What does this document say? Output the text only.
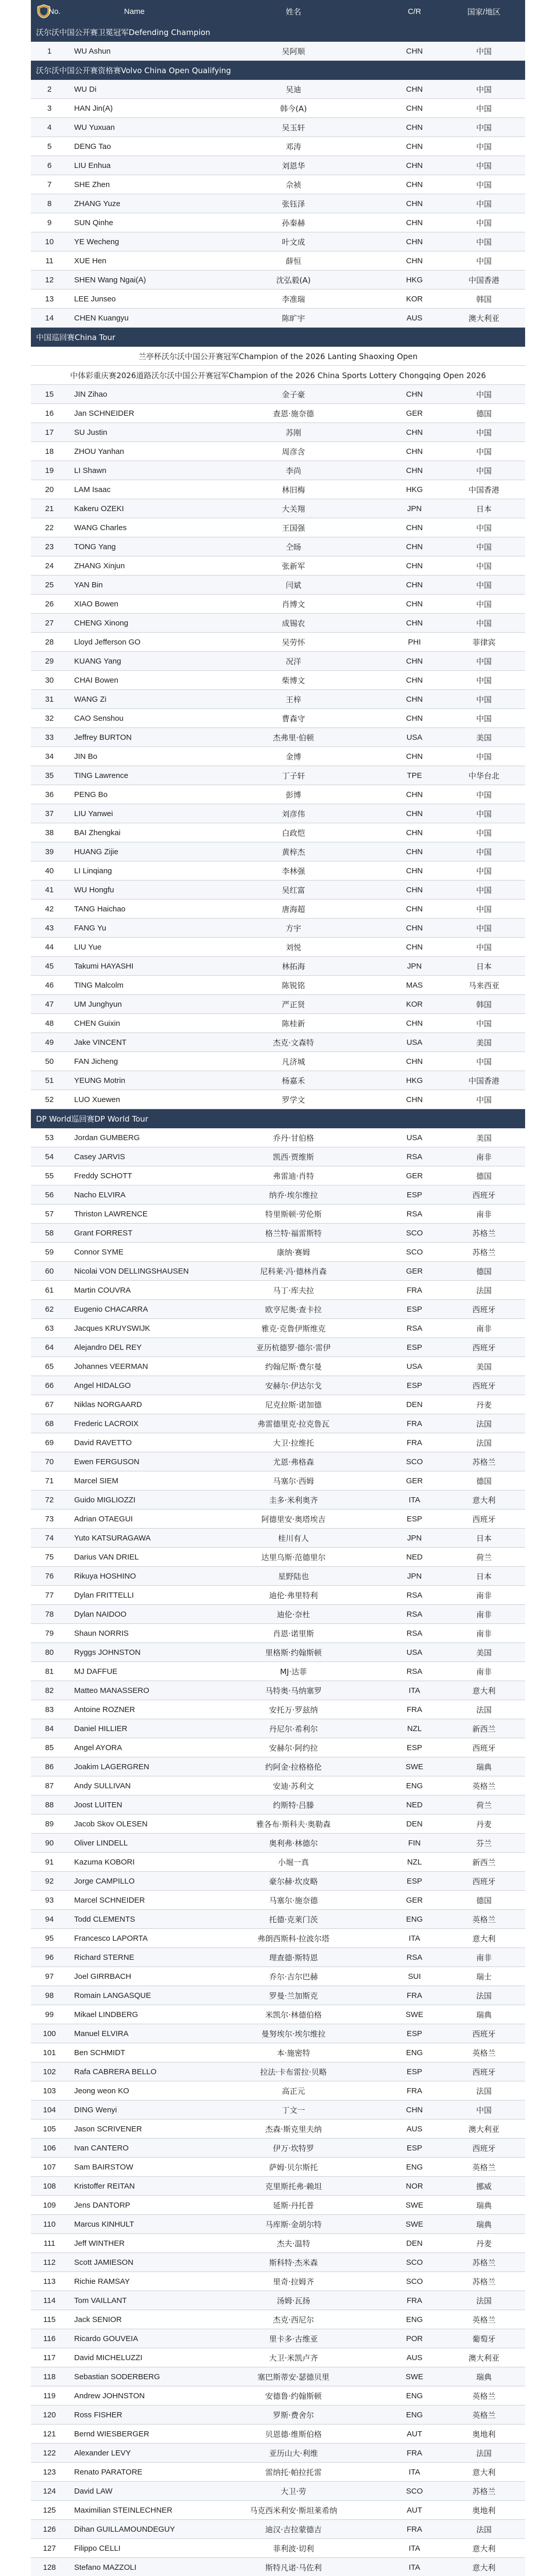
No.	Name	姓名	C/R	国家/地区
沃尔沃中国公开赛卫冕冠军Defending Champion				
1	WU Ashun	吴阿顺	CHN	中国
沃尔沃中国公开赛资格赛Volvo China Open Qualifying				
2	WU Di	吴迪	CHN	中国
3	HAN Jin(A)	韩今(A)	CHN	中国
4	WU Yuxuan	吴玉轩	CHN	中国
5	DENG Tao	邓涛	CHN	中国
6	LIU Enhua	刘恩华	CHN	中国
7	SHE Zhen	佘祯	CHN	中国
8	ZHANG Yuze	张钰泽	CHN	中国
9	SUN Qinhe	孙秦赫	CHN	中国
10	YE Wecheng	叶文成	CHN	中国
11	XUE Hen	薛恒	CHN	中国
12	SHEN Wang Ngai(A)	沈弘毅(A)	HKG	中国香港
13	LEE Junseo	李准瑞	KOR	韩国
14	CHEN Kuangyu	陈旷宇	AUS	澳大利亚
中国巡回赛China Tour				
兰亭杯沃尔沃中国公开赛冠军Champion of the 2026 Lanting Shaoxing Open				
中体彩重庆赛2026道路沃尔沃中国公开赛冠军Champion of the 2026 China Sports Lottery Chongqing Open 2026				
15	JIN Zihao	金子豪	CHN	中国
16	Jan SCHNEIDER	查恩·施奈德	GER	德国
17	SU Justin	苏刚	CHN	中国
18	ZHOU Yanhan	周彦含	CHN	中国
19	LI Shawn	李尚	CHN	中国
20	LAM Isaac	林旧梅	HKG	中国香港
21	Kakeru OZEKI	大关翔	JPN	日本
22	WANG Charles	王国强	CHN	中国
23	TONG Yang	仝旸	CHN	中国
24	ZHANG Xinjun	张新军	CHN	中国
25	YAN Bin	闫斌	CHN	中国
26	XIAO Bowen	肖博文	CHN	中国
27	CHENG Xinong	成锡农	CHN	中国
28	Lloyd Jefferson GO	吴劳怀	PHI	菲律宾
29	KUANG Yang	况洋	CHN	中国
30	CHAI Bowen	柴博文	CHN	中国
31	WANG Zi	王梓	CHN	中国
32	CAO Senshou	曹森守	CHN	中国
33	Jeffrey BURTON	杰弗里·伯顿	USA	美国
34	JIN Bo	金博	CHN	中国
35	TING Lawrence	丁子轩	TPE	中华台北
36	PENG Bo	彭博	CHN	中国
37	LIU Yanwei	刘彦伟	CHN	中国
38	BAI Zhengkai	白政恺	CHN	中国
39	HUANG Zijie	黄梓杰	CHN	中国
40	LI Linqiang	李林强	CHN	中国
41	WU Hongfu	吴红富	CHN	中国
42	TANG Haichao	唐海超	CHN	中国
43	FANG Yu	方宇	CHN	中国
44	LIU Yue	刘悦	CHN	中国
45	Takumi HAYASHI	林拓海	JPN	日本
46	TING Malcolm	陈锐铭	MAS	马来西亚
47	UM Junghyun	严正贤	KOR	韩国
48	CHEN Guixin	陈桂新	CHN	中国
49	Jake VINCENT	杰克·文森特	USA	美国
50	FAN Jicheng	凡济城	CHN	中国
51	YEUNG Motrin	杨嘉禾	HKG	中国香港
52	LUO Xuewen	罗学文	CHN	中国
DP World巡回赛DP World Tour				
53	Jordan GUMBERG	乔丹·甘伯格	USA	美国
54	Casey JARVIS	凯西·贾维斯	RSA	南非
55	Freddy SCHOTT	弗雷迪·肖特	GER	德国
56	Nacho ELVIRA	纳乔·埃尔维拉	ESP	西班牙
57	Thriston LAWRENCE	特里斯顿·劳伦斯	RSA	南非
58	Grant FORREST	格兰特·福雷斯特	SCO	苏格兰
59	Connor SYME	康纳·赛姆	SCO	苏格兰
60	Nicolai VON DELLINGSHAUSEN	尼科莱·冯·德林肖森	GER	德国
61	Martin COUVRA	马丁·库夫拉	FRA	法国
62	Eugenio CHACARRA	欧亨尼奥·查卡拉	ESP	西班牙
63	Jacques KRUYSWIJK	雅克·克鲁伊斯维克	RSA	南非
64	Alejandro DEL REY	亚历杭德罗·德尔·雷伊	ESP	西班牙
65	Johannes VEERMAN	约翰尼斯·费尔曼	USA	美国
66	Angel HIDALGO	安赫尔·伊达尔戈	ESP	西班牙
67	Niklas NORGAARD	尼克拉斯·诺加德	DEN	丹麦
68	Frederic LACROIX	弗雷德里克·拉克鲁瓦	FRA	法国
69	David RAVETTO	大卫·拉维托	FRA	法国
70	Ewen FERGUSON	尤恩·弗格森	SCO	苏格兰
71	Marcel SIEM	马塞尔·西姆	GER	德国
72	Guido MIGLIOZZI	圭多·米利奥齐	ITA	意大利
73	Adrian OTAEGUI	阿德里安·奥塔埃吉	ESP	西班牙
74	Yuto KATSURAGAWA	桂川有人	JPN	日本
75	Darius VAN DRIEL	达里乌斯·范德里尔	NED	荷兰
76	Rikuya HOSHINO	星野陆也	JPN	日本
77	Dylan FRITTELLI	迪伦·弗里特利	RSA	南非
78	Dylan NAIDOO	迪伦·奈杜	RSA	南非
79	Shaun NORRIS	肖恩·诺里斯	RSA	南非
80	Ryggs JOHNSTON	里格斯·约翰斯顿	USA	美国
81	MJ DAFFUE	MJ·达菲	RSA	南非
82	Matteo MANASSERO	马特奥·马纳塞罗	ITA	意大利
83	Antoine ROZNER	安托万·罗兹纳	FRA	法国
84	Daniel HILLIER	丹尼尔·希利尔	NZL	新西兰
85	Angel AYORA	安赫尔·阿约拉	ESP	西班牙
86	Joakim LAGERGREN	约阿金·拉格格伦	SWE	瑞典
87	Andy SULLIVAN	安迪·苏利文	ENG	英格兰
88	Joost LUITEN	约斯特·吕滕	NED	荷兰
89	Jacob Skov OLESEN	雅各布·斯科夫·奥勒森	DEN	丹麦
90	Oliver LINDELL	奥利弗·林德尔	FIN	芬兰
91	Kazuma KOBORI	小堀一真	NZL	新西兰
92	Jorge CAMPILLO	豪尔赫·坎皮略	ESP	西班牙
93	Marcel SCHNEIDER	马塞尔·施奈德	GER	德国
94	Todd CLEMENTS	托德·克莱门茨	ENG	英格兰
95	Francesco LAPORTA	弗朗西斯科·拉波尔塔	ITA	意大利
96	Richard STERNE	理查德·斯特恩	RSA	南非
97	Joel GIRRBACH	乔尔·吉尔巴赫	SUI	瑞士
98	Romain LANGASQUE	罗曼·兰加斯克	FRA	法国
99	Mikael LINDBERG	米凯尔·林德伯格	SWE	瑞典
100	Manuel ELVIRA	曼努埃尔·埃尔维拉	ESP	西班牙
101	Ben SCHMIDT	本·施密特	ENG	英格兰
102	Rafa CABRERA BELLO	拉法·卡布雷拉·贝略	ESP	西班牙
103	Jeong weon KO	高正元	FRA	法国
104	DING Wenyi	丁文一	CHN	中国
105	Jason SCRIVENER	杰森·斯克里夫纳	AUS	澳大利亚
106	Ivan CANTERO	伊万·坎特罗	ESP	西班牙
107	Sam BAIRSTOW	萨姆·贝尔斯托	ENG	英格兰
108	Kristoffer REITAN	克里斯托弗·赖坦	NOR	挪威
109	Jens DANTORP	延斯·丹托普	SWE	瑞典
110	Marcus KINHULT	马库斯·金胡尔特	SWE	瑞典
111	Jeff WINTHER	杰夫·温特	DEN	丹麦
112	Scott JAMIESON	斯科特·杰米森	SCO	苏格兰
113	Richie RAMSAY	里奇·拉姆齐	SCO	苏格兰
114	Tom VAILLANT	汤姆·瓦扬	FRA	法国
115	Jack SENIOR	杰克·西尼尔	ENG	英格兰
116	Ricardo GOUVEIA	里卡多·古维亚	POR	葡萄牙
117	David MICHELUZZI	大卫·米凯卢齐	AUS	澳大利亚
118	Sebastian SODERBERG	塞巴斯蒂安·瑟德贝里	SWE	瑞典
119	Andrew JOHNSTON	安德鲁·约翰斯顿	ENG	英格兰
120	Ross FISHER	罗斯·费舍尔	ENG	英格兰
121	Bernd WIESBERGER	贝恩德·维斯伯格	AUT	奥地利
122	Alexander LEVY	亚历山大·利维	FRA	法国
123	Renato PARATORE	雷纳托·帕拉托雷	ITA	意大利
124	David LAW	大卫·劳	SCO	苏格兰
125	Maximilian STEINLECHNER	马克西米利安·斯坦莱希纳	AUT	奥地利
126	Dihan GUILLAMOUNDEGUY	迪汉·吉拉蒙德吉	FRA	法国
127	Filippo CELLI	菲利波·切利	ITA	意大利
128	Stefano MAZZOLI	斯特凡诺·马佐利	ITA	意大利
